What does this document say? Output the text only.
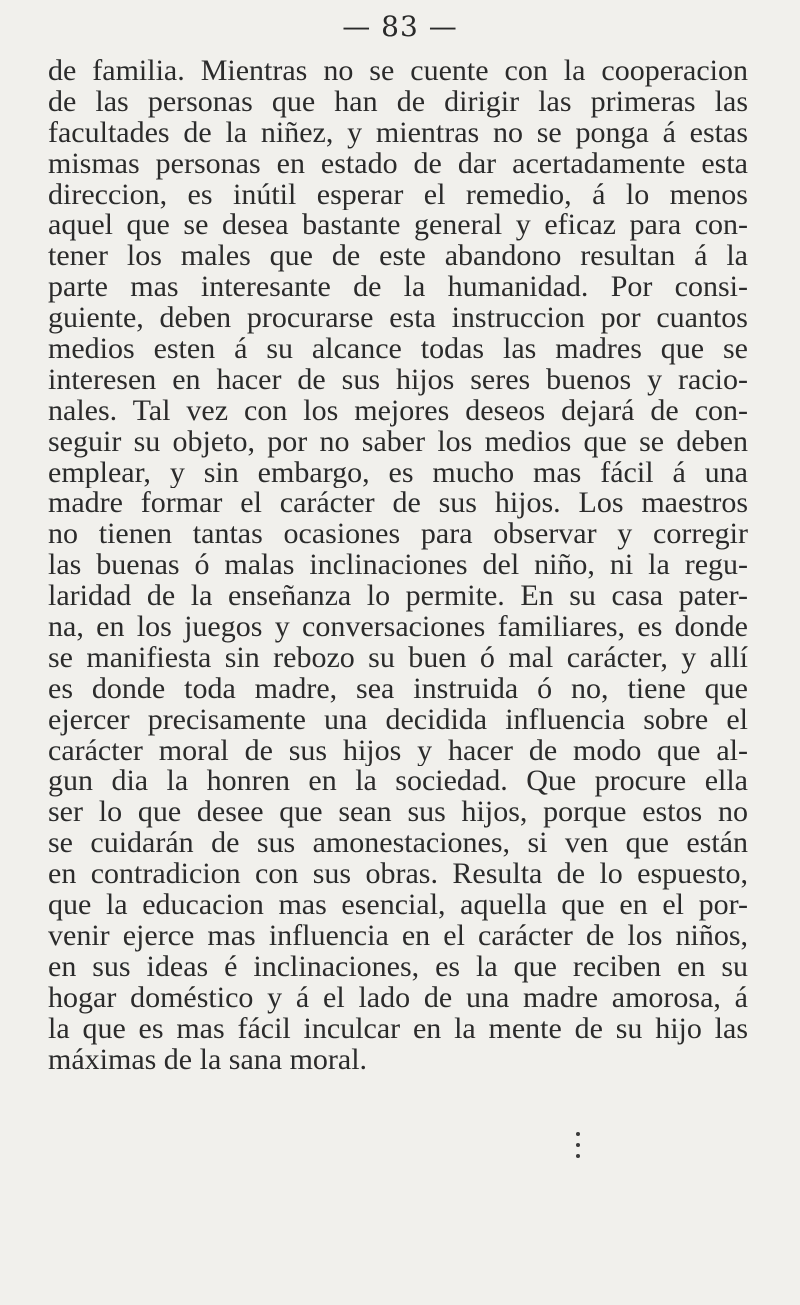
— 83 —
de familia. Mientras no se cuente con la cooperacion
de las personas que han de dirigir las primeras las
facultades de la niñez, y mientras no se ponga á estas
mismas personas en estado de dar acertadamente esta
direccion, es inútil esperar el remedio, á lo menos
aquel que se desea bastante general y eficaz para con-
tener los males que de este abandono resultan á la
parte mas interesante de la humanidad. Por consi-
guiente, deben procurarse esta instruccion por cuantos
medios esten á su alcance todas las madres que se
interesen en hacer de sus hijos seres buenos y racio-
nales. Tal vez con los mejores deseos dejará de con-
seguir su objeto, por no saber los medios que se deben
emplear, y sin embargo, es mucho mas fácil á una
madre formar el carácter de sus hijos. Los maestros
no tienen tantas ocasiones para observar y corregir
las buenas ó malas inclinaciones del niño, ni la regu-
laridad de la enseñanza lo permite. En su casa pater-
na, en los juegos y conversaciones familiares, es donde
se manifiesta sin rebozo su buen ó mal carácter, y allí
es donde toda madre, sea instruida ó no, tiene que
ejercer precisamente una decidida influencia sobre el
carácter moral de sus hijos y hacer de modo que al-
gun dia la honren en la sociedad. Que procure ella
ser lo que desee que sean sus hijos, porque estos no
se cuidarán de sus amonestaciones, si ven que están
en contradicion con sus obras. Resulta de lo espuesto,
que la educacion mas esencial, aquella que en el por-
venir ejerce mas influencia en el carácter de los niños,
en sus ideas é inclinaciones, es la que reciben en su
hogar doméstico y á el lado de una madre amorosa, á
la que es mas fácil inculcar en la mente de su hijo las
máximas de la sana moral.
